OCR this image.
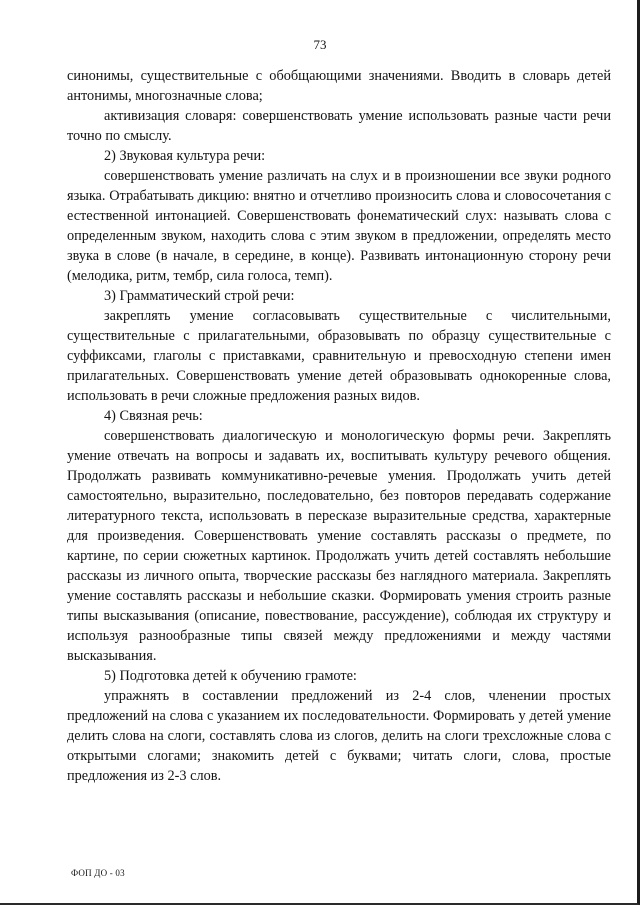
73

синонимы, существительные с обобщающими значениями. Вводить в словарь детей антонимы, многозначные слова;

активизация словаря: совершенствовать умение использовать разные части речи точно по смыслу.

2) Звуковая культура речи:

совершенствовать умение различать на слух и в произношении все звуки родного языка. Отрабатывать дикцию: внятно и отчетливо произносить слова и словосочетания с естественной интонацией. Совершенствовать фонематический слух: называть слова с определенным звуком, находить слова с этим звуком в предложении, определять место звука в слове (в начале, в середине, в конце). Развивать интонационную сторону речи (мелодика, ритм, тембр, сила голоса, темп).

3) Грамматический строй речи:

закреплять умение согласовывать существительные с числительными, существительные с прилагательными, образовывать по образцу существительные с суффиксами, глаголы с приставками, сравнительную и превосходную степени имен прилагательных. Совершенствовать умение детей образовывать однокоренные слова, использовать в речи сложные предложения разных видов.

4) Связная речь:

совершенствовать диалогическую и монологическую формы речи. Закреплять умение отвечать на вопросы и задавать их, воспитывать культуру речевого общения. Продолжать развивать коммуникативно-речевые умения. Продолжать учить детей самостоятельно, выразительно, последовательно, без повторов передавать содержание литературного текста, использовать в пересказе выразительные средства, характерные для произведения. Совершенствовать умение составлять рассказы о предмете, по картине, по серии сюжетных картинок. Продолжать учить детей составлять небольшие рассказы из личного опыта, творческие рассказы без наглядного материала. Закреплять умение составлять рассказы и небольшие сказки. Формировать умения строить разные типы высказывания (описание, повествование, рассуждение), соблюдая их структуру и используя разнообразные типы связей между предложениями и между частями высказывания.

5) Подготовка детей к обучению грамоте:

упражнять в составлении предложений из 2-4 слов, членении простых предложений на слова с указанием их последовательности. Формировать у детей умение делить слова на слоги, составлять слова из слогов, делить на слоги трехсложные слова с открытыми слогами; знакомить детей с буквами; читать слоги, слова, простые предложения из 2-3 слов.

ФОП ДО - 03
